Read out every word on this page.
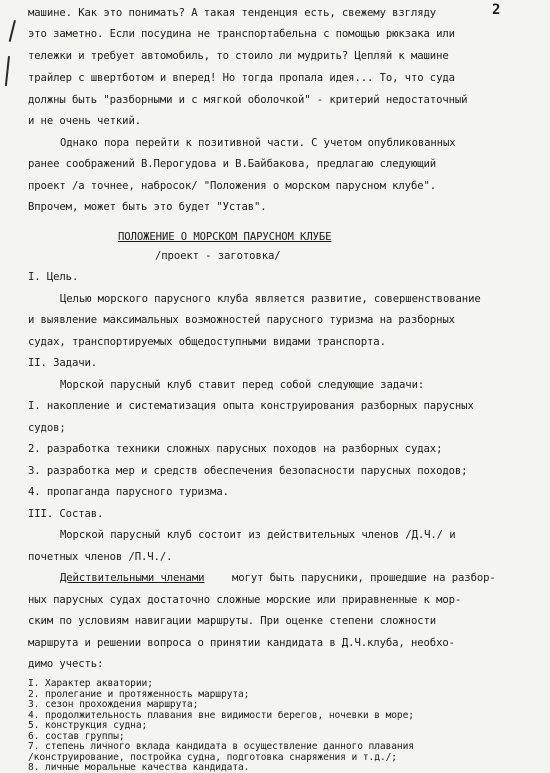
2
машине. Как это понимать? А такая тенденция есть, свежему взгляду
это заметно. Если посудина не транспортабельна с помощью рюкзака или
тележки и требует автомобиль, то стоило ли мудрить? Цепляй к машине
трайлер с швертботом и вперед! Но тогда пропала идея... То, что суда
должны быть "разборными и с мягкой оболочкой" - критерий недостаточный
и не очень четкий.
Однако пора перейти к позитивной части. С учетом опубликованных
ранее соображений В.Перогудова и В.Байбакова, предлагаю следующий
проект /а точнее, набросок/ "Положения о морском парусном клубе".
Впрочем, может быть это будет "Устав".
ПОЛОЖЕНИЕ О МОРСКОМ ПАРУСНОМ КЛУБЕ
/проект - заготовка/
I. Цель.
Целью морского парусного клуба является развитие, совершенствование
и выявление максимальных возможностей парусного туризма на разборных
судах, транспортируемых общедоступными видами транспорта.
II. Задачи.
Морской парусный клуб ставит перед собой следующие задачи:
I. накопление и систематизация опыта конструирования разборных парусных
судов;
2. разработка техники сложных парусных походов на разборных судах;
3. разработка мер и средств обеспечения безопасности парусных походов;
4. пропаганда парусного туризма.
III. Состав.
Морской парусный клуб состоит из действительных членов /Д.Ч./ и
почетных членов /П.Ч./.
Действительными членами	могут быть парусники, прошедшие на разбор-
ных парусных судах достаточно сложные морские или приравненные к мор-
ским по условиям навигации маршруты. При оценке степени сложности
маршрута и решении вопроса о принятии кандидата в Д.Ч.клуба, необхо-
димо учесть:
I. Характер акватории;
2. пролегание и протяженность маршрута;
3. сезон прохождения маршрута;
4. продолжительность плавания вне видимости берегов, ночевки в море;
5. конструкция судна;
6. состав группы;
7. степень личного вклада кандидата в осуществление данного плавания
/конструирование, постройка судна, подготовка снаряжения и т.д./;
8. личные моральные качества кандидата.
